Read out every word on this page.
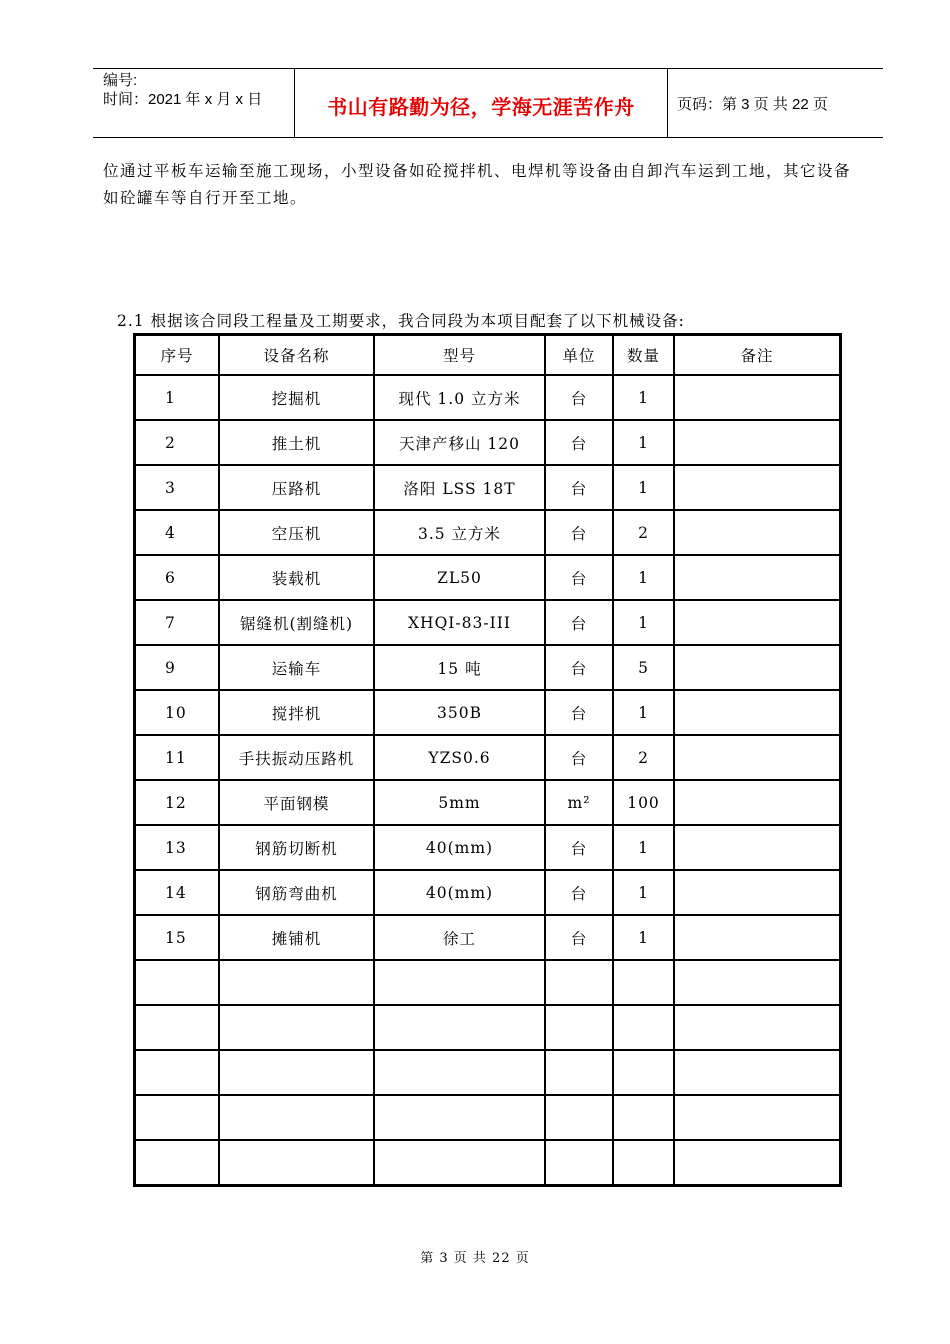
编号:
时间：2021 年 x 月 x 日	书山有路勤为径，学海无涯苦作舟	页码：第 3 页 共 22 页
位通过平板车运输至施工现场，小型设备如砼搅拌机、电焊机等设备由自卸汽车运到工地，其它设备如砼罐车等自行开至工地。
2.1 根据该合同段工程量及工期要求，我合同段为本项目配套了以下机械设备:
序号	设备名称	型号	单位	数量	备注
1	挖掘机	现代 1.0 立方米	台	1	
2	推土机	天津产移山 120	台	1	
3	压路机	洛阳 LSS 18T	台	1	
4	空压机	3.5 立方米	台	2	
6	装载机	ZL50	台	1	
7	锯缝机(割缝机)	XHQI-83-III	台	1	
9	运输车	15 吨	台	5	
10	搅拌机	350B	台	1	
11	手扶振动压路机	YZS0.6	台	2	
12	平面钢模	5mm	m²	100	
13	钢筋切断机	40(mm)	台	1	
14	钢筋弯曲机	40(mm)	台	1	
15	摊铺机	徐工	台	1	

第 3 页 共 22 页
